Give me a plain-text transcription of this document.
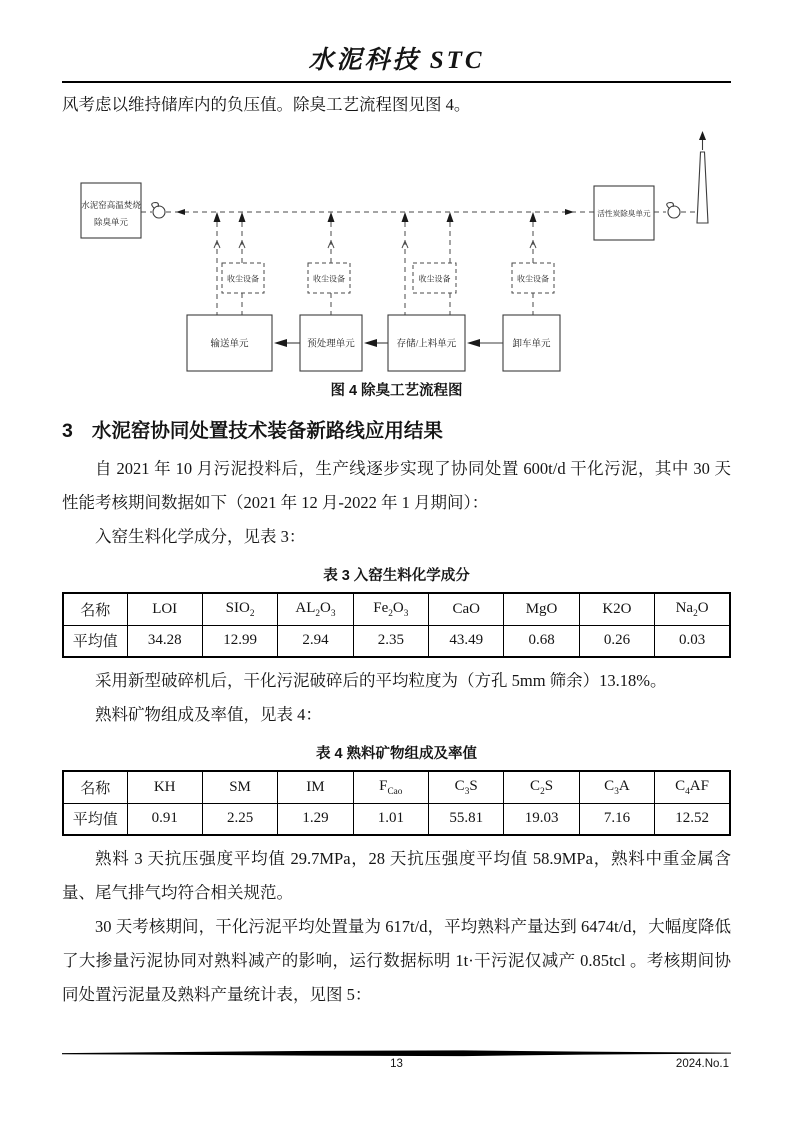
水泥科技 STC

风考虑以维持储库内的负压值。除臭工艺流程图见图 4。

收尘设备	收尘设备	收尘设备	收尘设备
输送单元	预处理单元	存储/上料单元	卸车单元
水泥窑高温焚烧
除臭单元
活性炭除臭单元
图 4 除臭工艺流程图
3 水泥窑协同处置技术装备新路线应用结果

自 2021 年 10 月污泥投料后，生产线逐步实现了协同处置 600t/d 干化污泥，其中 30 天性能考核期间数据如下（2021 年 12 月-2022 年 1 月期间）：

入窑生料化学成分，见表 3：

表 3 入窑生料化学成分
名称	LOI	$SIO_2$	$AL_2O_3$	$Fe_2O_3$	CaO	MgO	K2O	$Na_2O$
平均值	34.28	12.99	2.94	2.35	43.49	0.68	0.26	0.03

采用新型破碎机后，干化污泥破碎后的平均粒度为（方孔 5mm 筛余）13.18%。

熟料矿物组成及率值，见表 4：

表 4 熟料矿物组成及率值
名称	KH	SM	IM	$F_{Cao}$	$C_3S$	$C_2S$	$C_3A$	$C_4AF$
平均值	0.91	2.25	1.29	1.01	55.81	19.03	7.16	12.52

熟料 3 天抗压强度平均值 29.7MPa，28 天抗压强度平均值 58.9MPa，熟料中重金属含量、尾气排气均符合相关规范。

30 天考核期间，干化污泥平均处置量为 617t/d，平均熟料产量达到 6474t/d，大幅度降低了大掺量污泥协同对熟料减产的影响，运行数据标明 1t·干污泥仅减产 0.85tcl 。考核期间协同处置污泥量及熟料产量统计表，见图 5：

13	2024.No.1
